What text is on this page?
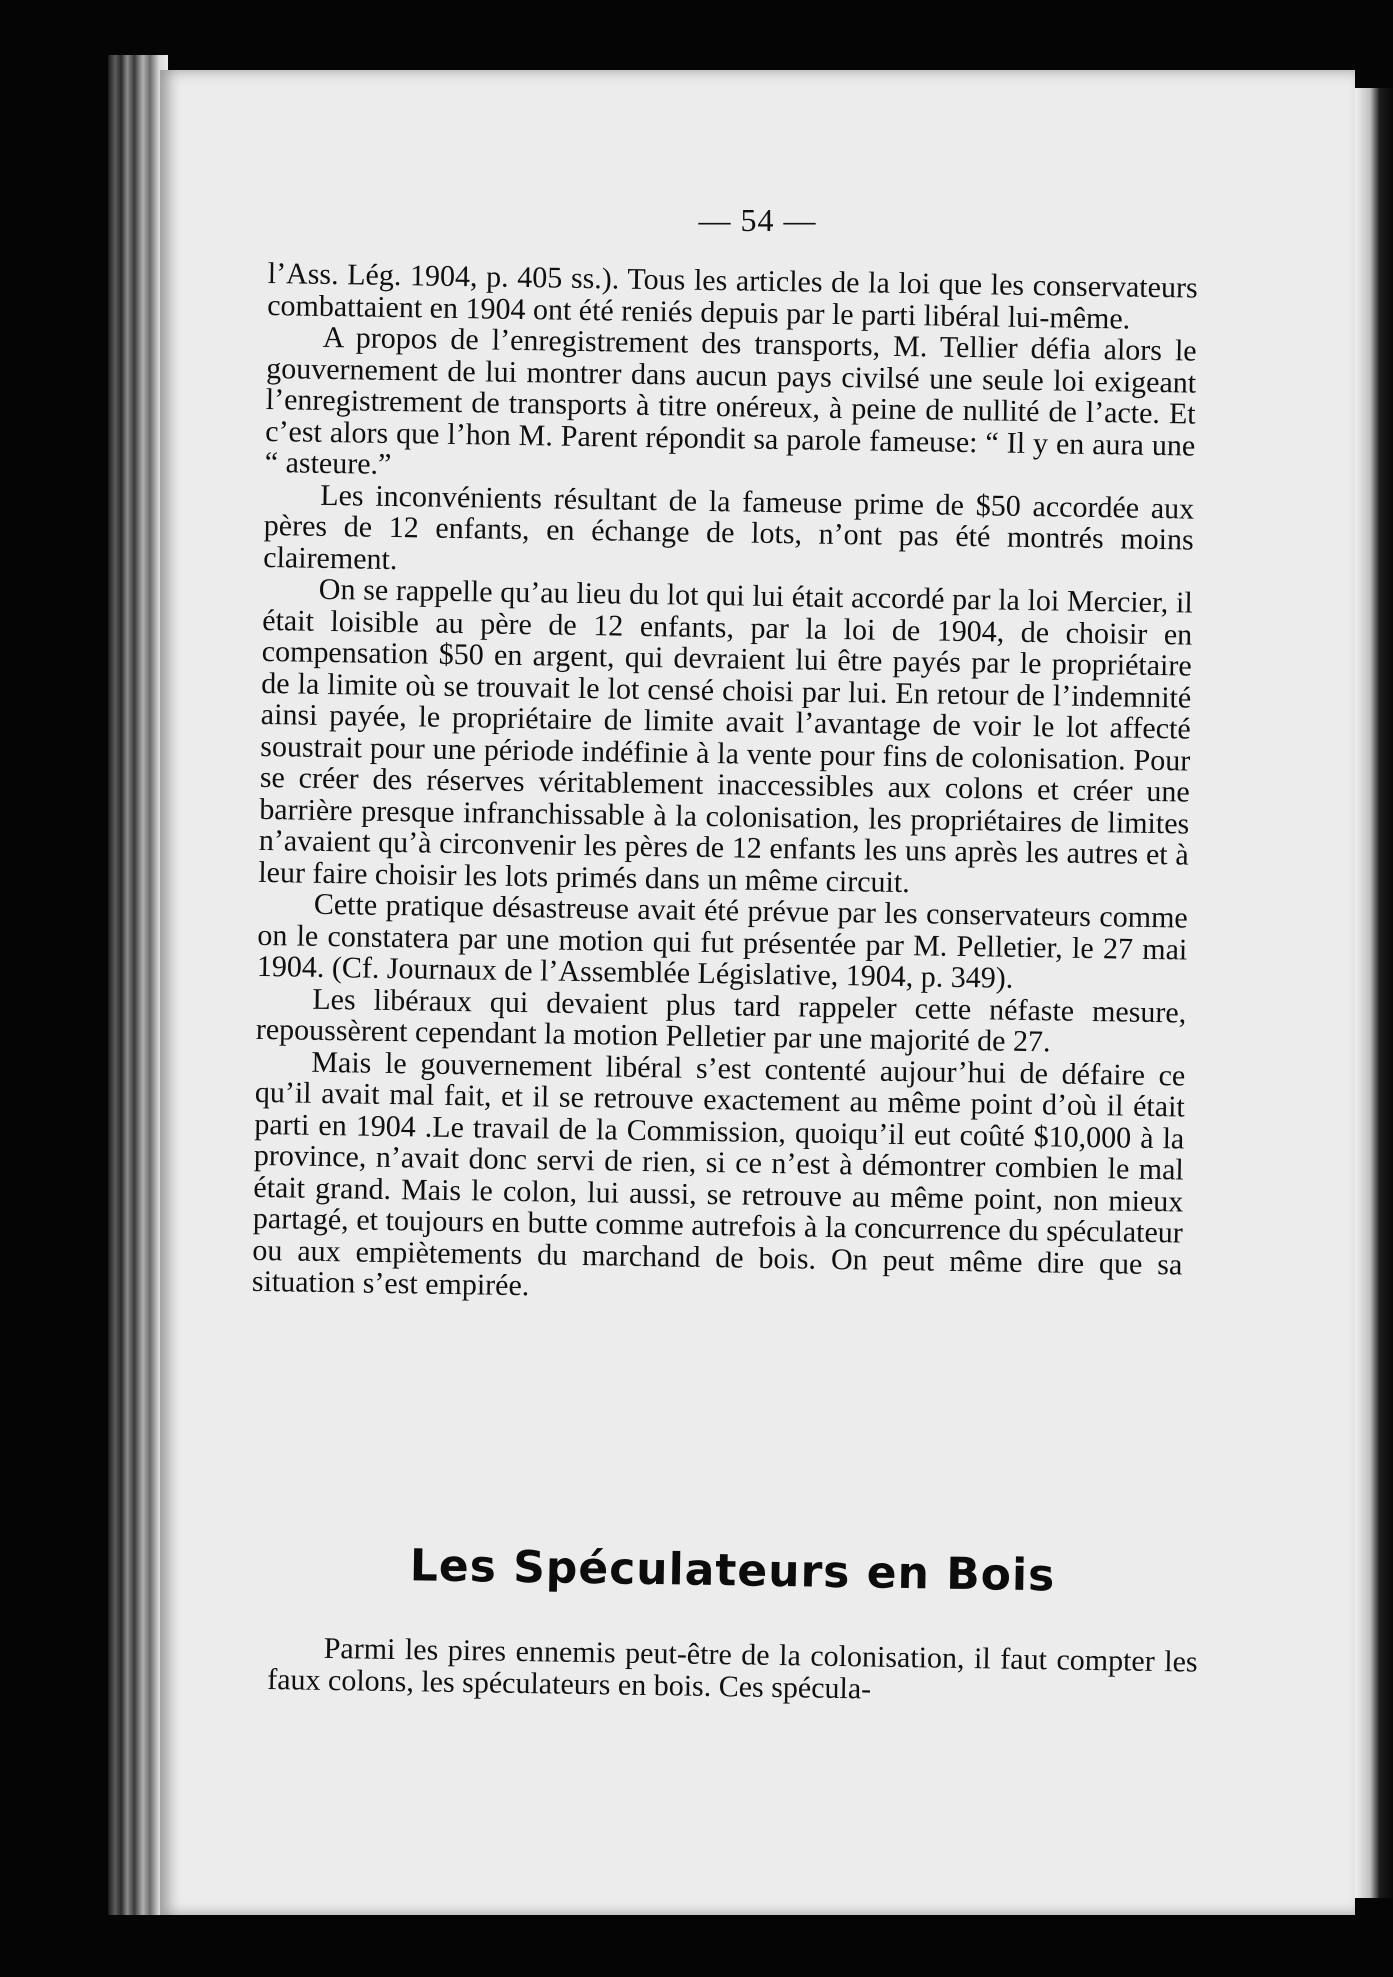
— 54 —

l’Ass. Lég. 1904, p. 405 ss.). Tous les articles de la loi que les conservateurs combattaient en 1904 ont été reniés depuis par le parti libéral lui-même.

A propos de l’enregistrement des transports, M. Tellier défia alors le gouvernement de lui montrer dans aucun pays civilsé une seule loi exigeant l’enregistrement de transports à titre onéreux, à peine de nullité de l’acte. Et c’est alors que l’hon M. Parent répondit sa parole fameuse: “ Il y en aura une “ asteure.”

Les inconvénients résultant de la fameuse prime de $50 accordée aux pères de 12 enfants, en échange de lots, n’ont pas été montrés moins clairement.

On se rappelle qu’au lieu du lot qui lui était accordé par la loi Mercier, il était loisible au père de 12 enfants, par la loi de 1904, de choisir en compensation $50 en argent, qui devraient lui être payés par le propriétaire de la limite où se trouvait le lot censé choisi par lui. En retour de l’indemnité ainsi payée, le propriétaire de limite avait l’avantage de voir le lot affecté soustrait pour une période indéfinie à la vente pour fins de colonisation. Pour se créer des réserves véritablement inaccessibles aux colons et créer une barrière presque infranchissable à la colonisation, les propriétaires de limites n’avaient qu’à circonvenir les pères de 12 enfants les uns après les autres et à leur faire choisir les lots primés dans un même circuit.

Cette pratique désastreuse avait été prévue par les conservateurs comme on le constatera par une motion qui fut présentée par M. Pelletier, le 27 mai 1904. (Cf. Journaux de l’Assemblée Législative, 1904, p. 349).

Les libéraux qui devaient plus tard rappeler cette néfaste mesure, repoussèrent cependant la motion Pelletier par une majorité de 27.

Mais le gouvernement libéral s’est contenté aujour’hui de défaire ce qu’il avait mal fait, et il se retrouve exactement au même point d’où il était parti en 1904 .Le travail de la Commission, quoiqu’il eut coûté $10,000 à la province, n’avait donc servi de rien, si ce n’est à démontrer combien le mal était grand. Mais le colon, lui aussi, se retrouve au même point, non mieux partagé, et toujours en butte comme autrefois à la concurrence du spéculateur ou aux empiètements du marchand de bois. On peut même dire que sa situation s’est empirée.

Les Spéculateurs en Bois

Parmi les pires ennemis peut-être de la colonisation, il faut compter les faux colons, les spéculateurs en bois. Ces spécula-
